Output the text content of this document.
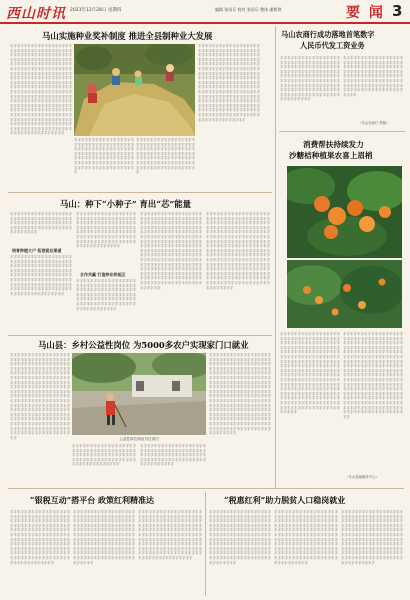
西山时讯 2023年12月28日 星期四	编辑 张雨乐 校对 张雨乐 整体 潘紫琪	要 闻 3
马山实施种业奖补制度 推进全县制种业大发展
丰字丰字丰字丰字丰字丰字丰字丰字丰字丰字丰字丰字丰字丰字丰字丰字丰字丰字丰字丰字丰字丰字丰字丰字丰字丰字丰字丰字丰字丰字丰字丰字丰字丰字丰字丰字丰字丰字丰字丰字丰字丰字丰字丰字丰字丰字丰字丰字丰字丰字丰字丰字丰字丰字丰字丰字丰字丰字丰字丰字丰字丰字丰字丰字丰字丰字丰字丰字丰字丰字丰字丰字丰字丰字丰字丰字丰字丰字丰字丰字丰字丰字丰字丰字丰字丰字丰字丰字丰字丰字丰字丰字丰字丰字丰字丰字丰字丰字丰字丰字丰字丰字丰字丰字丰字丰字丰字丰字丰字丰字丰字丰字丰字丰字丰字丰字丰字丰字丰字丰字丰字丰字丰字丰字丰字丰字丰字丰字丰字丰字丰字丰字丰字丰字丰字丰字丰字丰字丰字丰字丰字丰字丰字丰字丰字丰字丰字丰字丰字丰字丰字丰字丰字丰字丰字丰字丰字丰字丰字丰字丰字丰字丰字丰字丰字丰字丰字丰字丰字丰字丰字丰字丰字丰字丰字丰字丰字丰字丰字
丰字丰字丰字丰字丰字丰字丰字丰字丰字丰字丰字丰字丰字丰字丰字丰字丰字丰字丰字丰字丰字丰字丰字丰字丰字丰字丰字丰字丰字丰字丰字丰字丰字丰字丰字丰字丰字丰字丰字丰字丰字丰字丰字丰字丰字丰字丰字丰字丰字丰字丰字丰字丰字丰字丰字丰字丰字丰字丰字丰字
丰字丰字丰字丰字丰字丰字丰字丰字丰字丰字丰字丰字丰字丰字丰字丰字丰字丰字丰字丰字丰字丰字丰字丰字丰字丰字丰字丰字丰字丰字丰字丰字丰字丰字丰字丰字丰字丰字丰字丰字丰字丰字丰字丰字丰字丰字丰字丰字丰字丰字丰字丰字丰字丰字丰字丰字丰字丰字丰字丰字
丰字丰字丰字丰字丰字丰字丰字丰字丰字丰字丰字丰字丰字丰字丰字丰字丰字丰字丰字丰字丰字丰字丰字丰字丰字丰字丰字丰字丰字丰字丰字丰字丰字丰字丰字丰字丰字丰字丰字丰字丰字丰字丰字丰字丰字丰字丰字丰字丰字丰字丰字丰字丰字丰字丰字丰字丰字丰字丰字丰字丰字丰字丰字丰字丰字丰字丰字丰字丰字丰字丰字丰字丰字丰字丰字丰字丰字丰字丰字丰字丰字丰字丰字丰字丰字丰字丰字丰字丰字丰字丰字丰字丰字丰字丰字丰字丰字丰字丰字丰字丰字丰字丰字丰字丰字丰字丰字丰字丰字丰字丰字丰字丰字丰字丰字丰字丰字丰字丰字丰字丰字丰字丰字丰字丰字丰字丰字丰字丰字丰字丰字丰字丰字丰字丰字丰字丰字丰字丰字丰字丰字丰字丰字丰字丰字丰字丰字丰字丰字丰字丰字
马山农商行成功落地首笔数字
人民币代发工资业务
丰字丰字丰字丰字丰字丰字丰字丰字丰字丰字丰字丰字丰字丰字丰字丰字丰字丰字丰字丰字丰字丰字丰字丰字丰字丰字丰字丰字丰字丰字丰字丰字丰字丰字丰字丰字丰字丰字丰字丰字丰字丰字丰字丰字丰字丰字丰字丰字丰字丰字丰字丰字丰字丰字丰字丰字丰字丰字丰字丰字丰字丰字丰字丰字丰字丰字丰字丰字丰字丰字丰字丰字丰字丰字丰字丰字丰字丰字丰字丰字丰字
丰字丰字丰字丰字丰字丰字丰字丰字丰字丰字丰字丰字丰字丰字丰字丰字丰字丰字丰字丰字丰字丰字丰字丰字丰字丰字丰字丰字丰字丰字丰字丰字丰字丰字丰字丰字丰字丰字丰字丰字丰字丰字丰字丰字丰字丰字丰字丰字丰字丰字丰字丰字丰字丰字丰字丰字丰字丰字丰字丰字丰字丰字丰字丰字丰字丰字丰字丰字丰字丰字
（马山农商行 供稿）
消费帮扶持续发力
沙糖桔种植果农喜上眉梢
丰字丰字丰字丰字丰字丰字丰字丰字丰字丰字丰字丰字丰字丰字丰字丰字丰字丰字丰字丰字丰字丰字丰字丰字丰字丰字丰字丰字丰字丰字丰字丰字丰字丰字丰字丰字丰字丰字丰字丰字丰字丰字丰字丰字丰字丰字丰字丰字丰字丰字丰字丰字丰字丰字丰字丰字丰字丰字丰字丰字丰字丰字丰字丰字丰字丰字丰字丰字丰字丰字丰字丰字丰字丰字丰字丰字丰字丰字丰字丰字丰字丰字丰字丰字丰字丰字丰字丰字丰字丰字丰字丰字丰字丰字丰字丰字丰字丰字丰字丰字丰字丰字丰字丰字丰字丰字丰字丰字丰字丰字丰字丰字丰字丰字丰字丰字丰字丰字丰字丰字丰字丰字丰字丰字丰字丰字丰字丰字丰字丰字丰字丰字丰字丰字丰字丰字丰字丰字丰字丰字丰字丰字丰字丰字丰字丰字丰字
丰字丰字丰字丰字丰字丰字丰字丰字丰字丰字丰字丰字丰字丰字丰字丰字丰字丰字丰字丰字丰字丰字丰字丰字丰字丰字丰字丰字丰字丰字丰字丰字丰字丰字丰字丰字丰字丰字丰字丰字丰字丰字丰字丰字丰字丰字丰字丰字丰字丰字丰字丰字丰字丰字丰字丰字丰字丰字丰字丰字丰字丰字丰字丰字丰字丰字丰字丰字丰字丰字丰字丰字丰字丰字丰字丰字丰字丰字丰字丰字丰字丰字丰字丰字丰字丰字丰字丰字丰字丰字丰字丰字丰字丰字丰字丰字丰字丰字丰字丰字丰字丰字丰字丰字丰字丰字丰字丰字丰字丰字丰字丰字丰字丰字丰字丰字丰字丰字丰字丰字丰字丰字丰字丰字丰字丰字丰字丰字丰字丰字丰字丰字丰字丰字丰字丰字丰字丰字丰字丰字丰字丰字丰字丰字丰字丰字丰字丰字丰字丰字丰字丰字丰字丰字
（马山县融媒体中心）
马山：种下“小种子” 育出“芯”能量
丰字丰字丰字丰字丰字丰字丰字丰字丰字丰字丰字丰字丰字丰字丰字丰字丰字丰字丰字丰字丰字丰字丰字丰字丰字丰字丰字丰字丰字丰字丰字丰字丰字丰字丰字丰字丰字丰字丰字丰字
培育种植大户 拓宽就业渠道
丰字丰字丰字丰字丰字丰字丰字丰字丰字丰字丰字丰字丰字丰字丰字丰字丰字丰字丰字丰字丰字丰字丰字丰字丰字丰字丰字丰字丰字丰字丰字丰字丰字丰字丰字丰字丰字丰字丰字丰字丰字丰字丰字丰字丰字丰字丰字丰字丰字丰字丰字丰字丰字丰字丰字丰字丰字丰字丰字丰字丰字丰字丰字丰字丰字丰字丰字丰字丰字丰字丰字丰字丰字丰字丰字丰字丰字丰字丰字丰字
丰字丰字丰字丰字丰字丰字丰字丰字丰字丰字丰字丰字丰字丰字丰字丰字丰字丰字丰字丰字丰字丰字丰字丰字丰字丰字丰字丰字丰字丰字丰字丰字丰字丰字丰字丰字丰字丰字丰字丰字丰字丰字丰字丰字丰字丰字丰字丰字丰字丰字丰字丰字丰字丰字丰字丰字丰字丰字丰字丰字丰字丰字丰字丰字丰字丰字
合作共赢 打造种业样板区
丰字丰字丰字丰字丰字丰字丰字丰字丰字丰字丰字丰字丰字丰字丰字丰字丰字丰字丰字丰字丰字丰字丰字丰字丰字丰字丰字丰字丰字丰字丰字丰字丰字丰字丰字丰字丰字丰字丰字丰字丰字丰字丰字丰字丰字丰字丰字丰字丰字丰字丰字丰字丰字丰字丰字丰字丰字
丰字丰字丰字丰字丰字丰字丰字丰字丰字丰字丰字丰字丰字丰字丰字丰字丰字丰字丰字丰字丰字丰字丰字丰字丰字丰字丰字丰字丰字丰字丰字丰字丰字丰字丰字丰字丰字丰字丰字丰字丰字丰字丰字丰字丰字丰字丰字丰字丰字丰字丰字丰字丰字丰字丰字丰字丰字丰字丰字丰字丰字丰字丰字丰字丰字丰字丰字丰字丰字丰字丰字丰字丰字丰字丰字丰字丰字丰字丰字丰字丰字丰字丰字丰字丰字丰字丰字丰字丰字丰字丰字丰字丰字丰字丰字丰字丰字丰字丰字丰字丰字丰字丰字丰字丰字丰字丰字丰字丰字丰字丰字丰字丰字丰字丰字丰字丰字丰字丰字丰字丰字丰字丰字丰字丰字丰字丰字丰字丰字丰字丰字丰字丰字丰字丰字丰字丰字丰字丰字丰字丰字丰字丰字丰字丰字丰字丰字
丰字丰字丰字丰字丰字丰字丰字丰字丰字丰字丰字丰字丰字丰字丰字丰字丰字丰字丰字丰字丰字丰字丰字丰字丰字丰字丰字丰字丰字丰字丰字丰字丰字丰字丰字丰字丰字丰字丰字丰字丰字丰字丰字丰字丰字丰字丰字丰字丰字丰字丰字丰字丰字丰字丰字丰字丰字丰字丰字丰字丰字丰字丰字丰字丰字丰字丰字丰字丰字丰字丰字丰字丰字丰字丰字丰字丰字丰字丰字丰字丰字丰字丰字丰字丰字丰字丰字丰字丰字丰字丰字丰字丰字丰字丰字丰字丰字丰字丰字丰字丰字丰字丰字丰字丰字丰字丰字丰字丰字丰字丰字丰字丰字丰字丰字丰字丰字丰字丰字丰字丰字丰字丰字丰字丰字丰字丰字丰字丰字丰字丰字丰字丰字丰字丰字丰字丰字丰字丰字丰字丰字丰字丰字丰字丰字丰字丰字丰字
马山县：乡村公益性岗位 为5000多农户实现家门口就业
丰字丰字丰字丰字丰字丰字丰字丰字丰字丰字丰字丰字丰字丰字丰字丰字丰字丰字丰字丰字丰字丰字丰字丰字丰字丰字丰字丰字丰字丰字丰字丰字丰字丰字丰字丰字丰字丰字丰字丰字丰字丰字丰字丰字丰字丰字丰字丰字丰字丰字丰字丰字丰字丰字丰字丰字丰字丰字丰字丰字丰字丰字丰字丰字丰字丰字丰字丰字丰字丰字丰字丰字丰字丰字丰字丰字丰字丰字丰字丰字丰字丰字丰字丰字丰字丰字丰字丰字丰字丰字丰字丰字丰字丰字丰字丰字丰字丰字丰字丰字丰字丰字丰字丰字丰字丰字丰字丰字丰字丰字丰字丰字丰字丰字丰字丰字丰字丰字丰字丰字丰字丰字丰字丰字丰字丰字丰字丰字丰字丰字丰字丰字丰字丰字丰字丰字丰字丰字丰字丰字丰字丰字丰字丰字丰字丰字丰字丰字丰字丰字丰字丰字丰字丰字	公益性岗位保洁员在清扫
丰字丰字丰字丰字丰字丰字丰字丰字丰字丰字丰字丰字丰字丰字丰字丰字丰字丰字丰字丰字丰字丰字丰字丰字丰字丰字丰字丰字丰字丰字丰字丰字丰字丰字丰字丰字丰字丰字丰字丰字丰字丰字丰字
丰字丰字丰字丰字丰字丰字丰字丰字丰字丰字丰字丰字丰字丰字丰字丰字丰字丰字丰字丰字丰字丰字丰字丰字丰字丰字丰字丰字丰字丰字丰字丰字丰字丰字丰字丰字丰字丰字丰字丰字丰字丰字丰字
丰字丰字丰字丰字丰字丰字丰字丰字丰字丰字丰字丰字丰字丰字丰字丰字丰字丰字丰字丰字丰字丰字丰字丰字丰字丰字丰字丰字丰字丰字丰字丰字丰字丰字丰字丰字丰字丰字丰字丰字丰字丰字丰字丰字丰字丰字丰字丰字丰字丰字丰字丰字丰字丰字丰字丰字丰字丰字丰字丰字丰字丰字丰字丰字丰字丰字丰字丰字丰字丰字丰字丰字丰字丰字丰字丰字丰字丰字丰字丰字丰字丰字丰字丰字丰字丰字丰字丰字丰字丰字丰字丰字丰字丰字丰字丰字丰字丰字丰字丰字丰字丰字丰字丰字丰字丰字丰字丰字丰字丰字丰字丰字丰字丰字丰字丰字丰字丰字丰字丰字丰字丰字丰字丰字丰字丰字丰字丰字丰字丰字丰字丰字丰字丰字丰字丰字丰字丰字丰字丰字丰字丰字丰字丰字丰字丰字丰字丰字丰字丰字丰字丰字丰字丰字丰字丰字丰字
“银税互动”搭平台 政策红利精准达
丰字丰字丰字丰字丰字丰字丰字丰字丰字丰字丰字丰字丰字丰字丰字丰字丰字丰字丰字丰字丰字丰字丰字丰字丰字丰字丰字丰字丰字丰字丰字丰字丰字丰字丰字丰字丰字丰字丰字丰字丰字丰字丰字丰字丰字丰字丰字丰字丰字丰字丰字丰字丰字丰字丰字丰字丰字丰字丰字丰字丰字丰字丰字丰字丰字丰字丰字丰字丰字丰字丰字丰字丰字丰字丰字丰字丰字丰字丰字丰字丰字丰字丰字丰字丰字丰字丰字丰字丰字丰字丰字丰字丰字丰字丰字丰字丰字丰字丰字丰字
丰字丰字丰字丰字丰字丰字丰字丰字丰字丰字丰字丰字丰字丰字丰字丰字丰字丰字丰字丰字丰字丰字丰字丰字丰字丰字丰字丰字丰字丰字丰字丰字丰字丰字丰字丰字丰字丰字丰字丰字丰字丰字丰字丰字丰字丰字丰字丰字丰字丰字丰字丰字丰字丰字丰字丰字丰字丰字丰字丰字丰字丰字丰字丰字丰字丰字丰字丰字丰字丰字丰字丰字丰字丰字丰字丰字丰字丰字丰字丰字丰字丰字丰字丰字丰字丰字丰字丰字丰字丰字丰字丰字丰字丰字丰字丰字丰字丰字丰字丰字丰字丰字
丰字丰字丰字丰字丰字丰字丰字丰字丰字丰字丰字丰字丰字丰字丰字丰字丰字丰字丰字丰字丰字丰字丰字丰字丰字丰字丰字丰字丰字丰字丰字丰字丰字丰字丰字丰字丰字丰字丰字丰字丰字丰字丰字丰字丰字丰字丰字丰字丰字丰字丰字丰字丰字丰字丰字丰字丰字丰字丰字丰字丰字丰字丰字丰字丰字丰字丰字丰字丰字丰字丰字丰字丰字丰字丰字丰字丰字丰字丰字丰字丰字丰字丰字丰字丰字丰字丰字丰字丰字丰字丰字丰字丰字丰字丰字丰字丰字丰字
“税惠红利”助力脱贫人口稳岗就业
丰字丰字丰字丰字丰字丰字丰字丰字丰字丰字丰字丰字丰字丰字丰字丰字丰字丰字丰字丰字丰字丰字丰字丰字丰字丰字丰字丰字丰字丰字丰字丰字丰字丰字丰字丰字丰字丰字丰字丰字丰字丰字丰字丰字丰字丰字丰字丰字丰字丰字丰字丰字丰字丰字丰字丰字丰字丰字丰字丰字丰字丰字丰字丰字丰字丰字丰字丰字丰字丰字丰字丰字丰字丰字丰字丰字丰字丰字丰字丰字丰字丰字丰字丰字丰字丰字丰字丰字丰字丰字丰字丰字丰字丰字丰字丰字丰字丰字丰字丰字丰字丰字丰字
丰字丰字丰字丰字丰字丰字丰字丰字丰字丰字丰字丰字丰字丰字丰字丰字丰字丰字丰字丰字丰字丰字丰字丰字丰字丰字丰字丰字丰字丰字丰字丰字丰字丰字丰字丰字丰字丰字丰字丰字丰字丰字丰字丰字丰字丰字丰字丰字丰字丰字丰字丰字丰字丰字丰字丰字丰字丰字丰字丰字丰字丰字丰字丰字丰字丰字丰字丰字丰字丰字丰字丰字丰字丰字丰字丰字丰字丰字丰字丰字丰字丰字丰字丰字丰字丰字丰字丰字丰字丰字丰字丰字丰字丰字丰字丰字丰字丰字丰字丰字丰字丰字丰字丰字
丰字丰字丰字丰字丰字丰字丰字丰字丰字丰字丰字丰字丰字丰字丰字丰字丰字丰字丰字丰字丰字丰字丰字丰字丰字丰字丰字丰字丰字丰字丰字丰字丰字丰字丰字丰字丰字丰字丰字丰字丰字丰字丰字丰字丰字丰字丰字丰字丰字丰字丰字丰字丰字丰字丰字丰字丰字丰字丰字丰字丰字丰字丰字丰字丰字丰字丰字丰字丰字丰字丰字丰字丰字丰字丰字丰字丰字丰字丰字丰字丰字丰字丰字丰字丰字丰字丰字丰字丰字丰字丰字丰字丰字丰字丰字丰字丰字丰字丰字丰字丰字丰字丰字丰字
